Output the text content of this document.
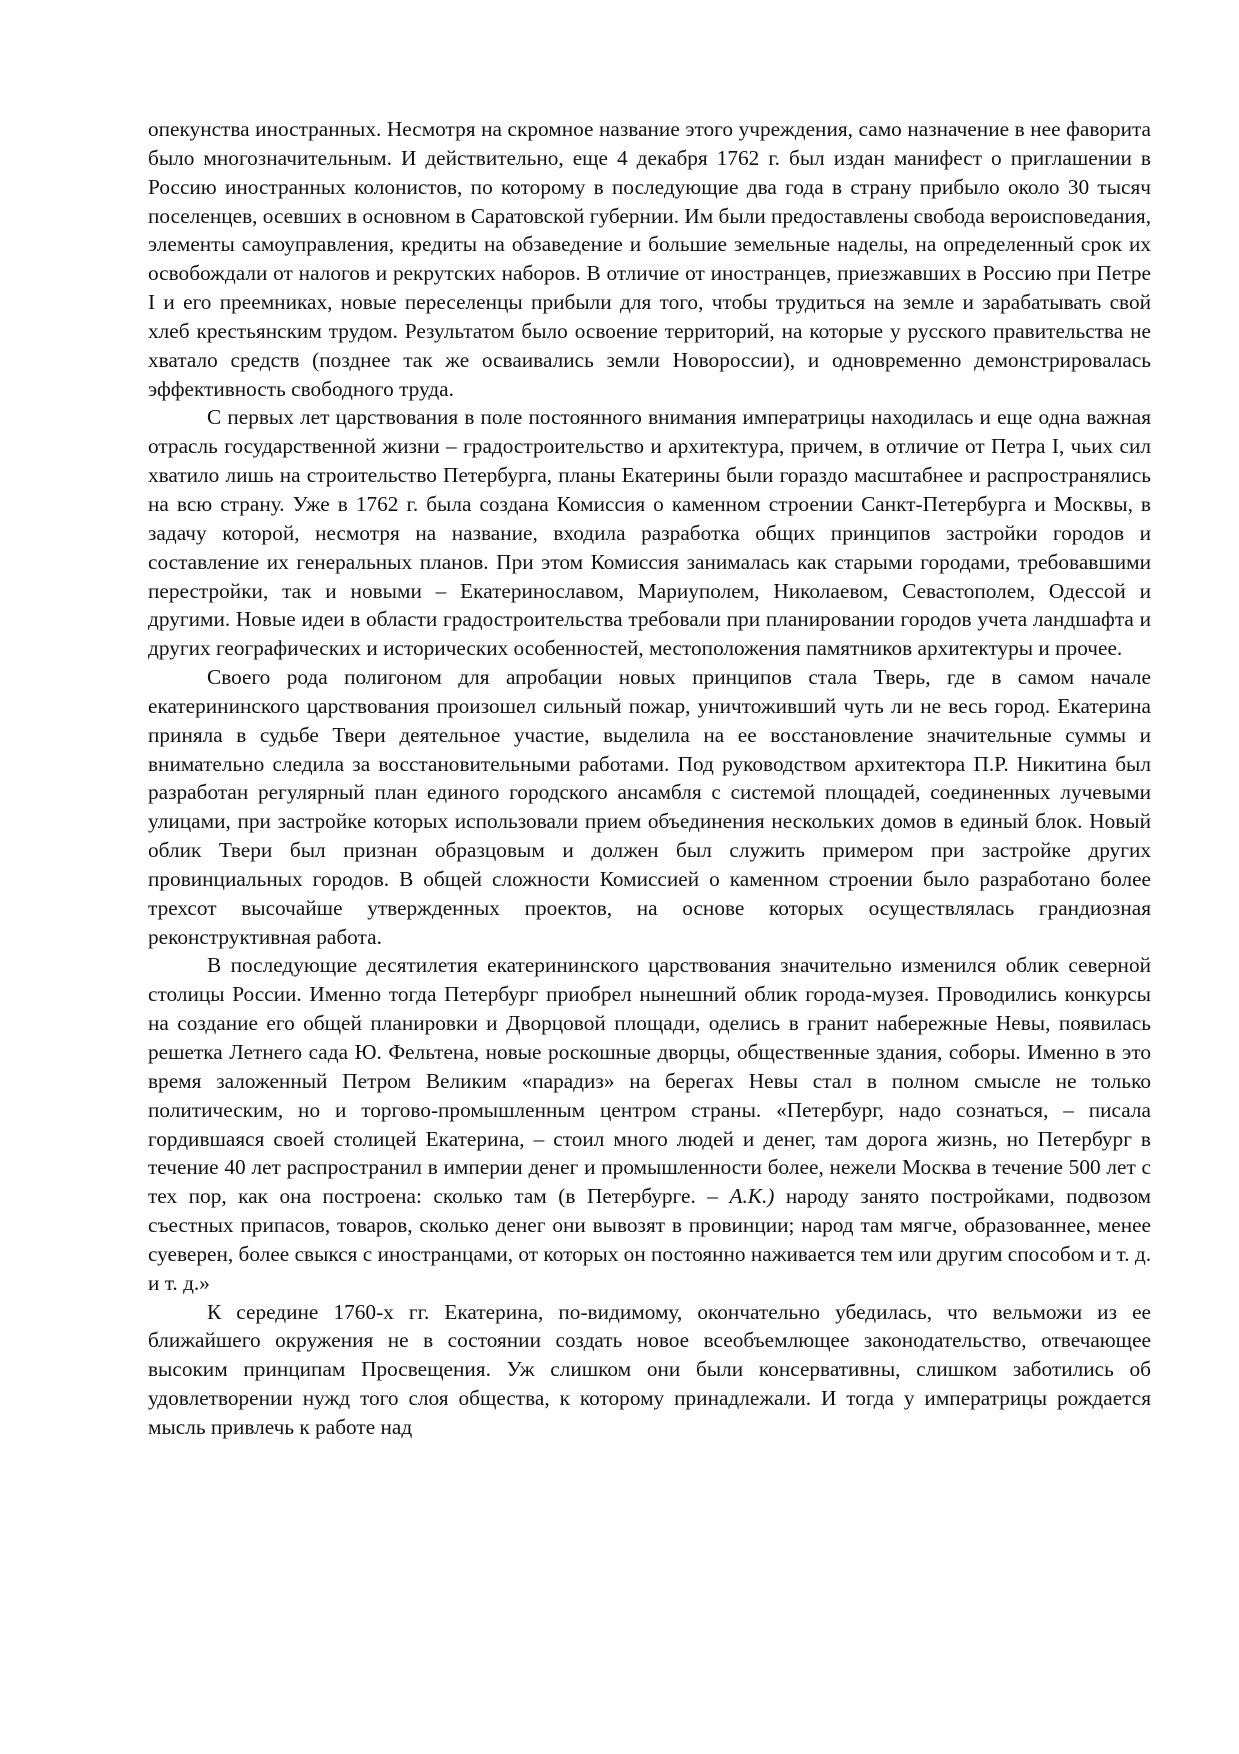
опекунства иностранных. Несмотря на скромное название этого учреждения, само назначение в нее фаворита было многозначительным. И действительно, еще 4 декабря 1762 г. был издан манифест о приглашении в Россию иностранных колонистов, по которому в последующие два года в страну прибыло около 30 тысяч поселенцев, осевших в основном в Саратовской губернии. Им были предоставлены свобода вероисповедания, элементы самоуправления, кредиты на обзаведение и большие земельные наделы, на определенный срок их освобождали от налогов и рекрутских наборов. В отличие от иностранцев, приезжавших в Россию при Петре I и его преемниках, новые переселенцы прибыли для того, чтобы трудиться на земле и зарабатывать свой хлеб крестьянским трудом. Результатом было освоение территорий, на которые у русского правительства не хватало средств (позднее так же осваивались земли Новороссии), и одновременно демонстрировалась эффективность свободного труда.

С первых лет царствования в поле постоянного внимания императрицы находилась и еще одна важная отрасль государственной жизни – градостроительство и архитектура, причем, в отличие от Петра I, чьих сил хватило лишь на строительство Петербурга, планы Екатерины были гораздо масштабнее и распространялись на всю страну. Уже в 1762 г. была создана Комиссия о каменном строении Санкт-Петербурга и Москвы, в задачу которой, несмотря на название, входила разработка общих принципов застройки городов и составление их генеральных планов. При этом Комиссия занималась как старыми городами, требовавшими перестройки, так и новыми – Екатеринославом, Мариуполем, Николаевом, Севастополем, Одессой и другими. Новые идеи в области градостроительства требовали при планировании городов учета ландшафта и других географических и исторических особенностей, местоположения памятников архитектуры и прочее.

Своего рода полигоном для апробации новых принципов стала Тверь, где в самом начале екатерининского царствования произошел сильный пожар, уничтоживший чуть ли не весь город. Екатерина приняла в судьбе Твери деятельное участие, выделила на ее восстановление значительные суммы и внимательно следила за восстановительными работами. Под руководством архитектора П.Р. Никитина был разработан регулярный план единого городского ансамбля с системой площадей, соединенных лучевыми улицами, при застройке которых использовали прием объединения нескольких домов в единый блок. Новый облик Твери был признан образцовым и должен был служить примером при застройке других провинциальных городов. В общей сложности Комиссией о каменном строении было разработано более трехсот высочайше утвержденных проектов, на основе которых осуществлялась грандиозная реконструктивная работа.

В последующие десятилетия екатерининского царствования значительно изменился облик северной столицы России. Именно тогда Петербург приобрел нынешний облик города-музея. Проводились конкурсы на создание его общей планировки и Дворцовой площади, оделись в гранит набережные Невы, появилась решетка Летнего сада Ю. Фельтена, новые роскошные дворцы, общественные здания, соборы. Именно в это время заложенный Петром Великим «парадиз» на берегах Невы стал в полном смысле не только политическим, но и торгово-промышленным центром страны. «Петербург, надо сознаться, – писала гордившаяся своей столицей Екатерина, – стоил много людей и денег, там дорога жизнь, но Петербург в течение 40 лет распространил в империи денег и промышленности более, нежели Москва в течение 500 лет с тех пор, как она построена: сколько там (в Петербурге. – А.К.) народу занято постройками, подвозом съестных припасов, товаров, сколько денег они вывозят в провинции; народ там мягче, образованнее, менее суеверен, более свыкся с иностранцами, от которых он постоянно наживается тем или другим способом и т. д. и т. д.»

К середине 1760-х гг. Екатерина, по-видимому, окончательно убедилась, что вельможи из ее ближайшего окружения не в состоянии создать новое всеобъемлющее законодательство, отвечающее высоким принципам Просвещения. Уж слишком они были консервативны, слишком заботились об удовлетворении нужд того слоя общества, к которому принадлежали. И тогда у императрицы рождается мысль привлечь к работе над
